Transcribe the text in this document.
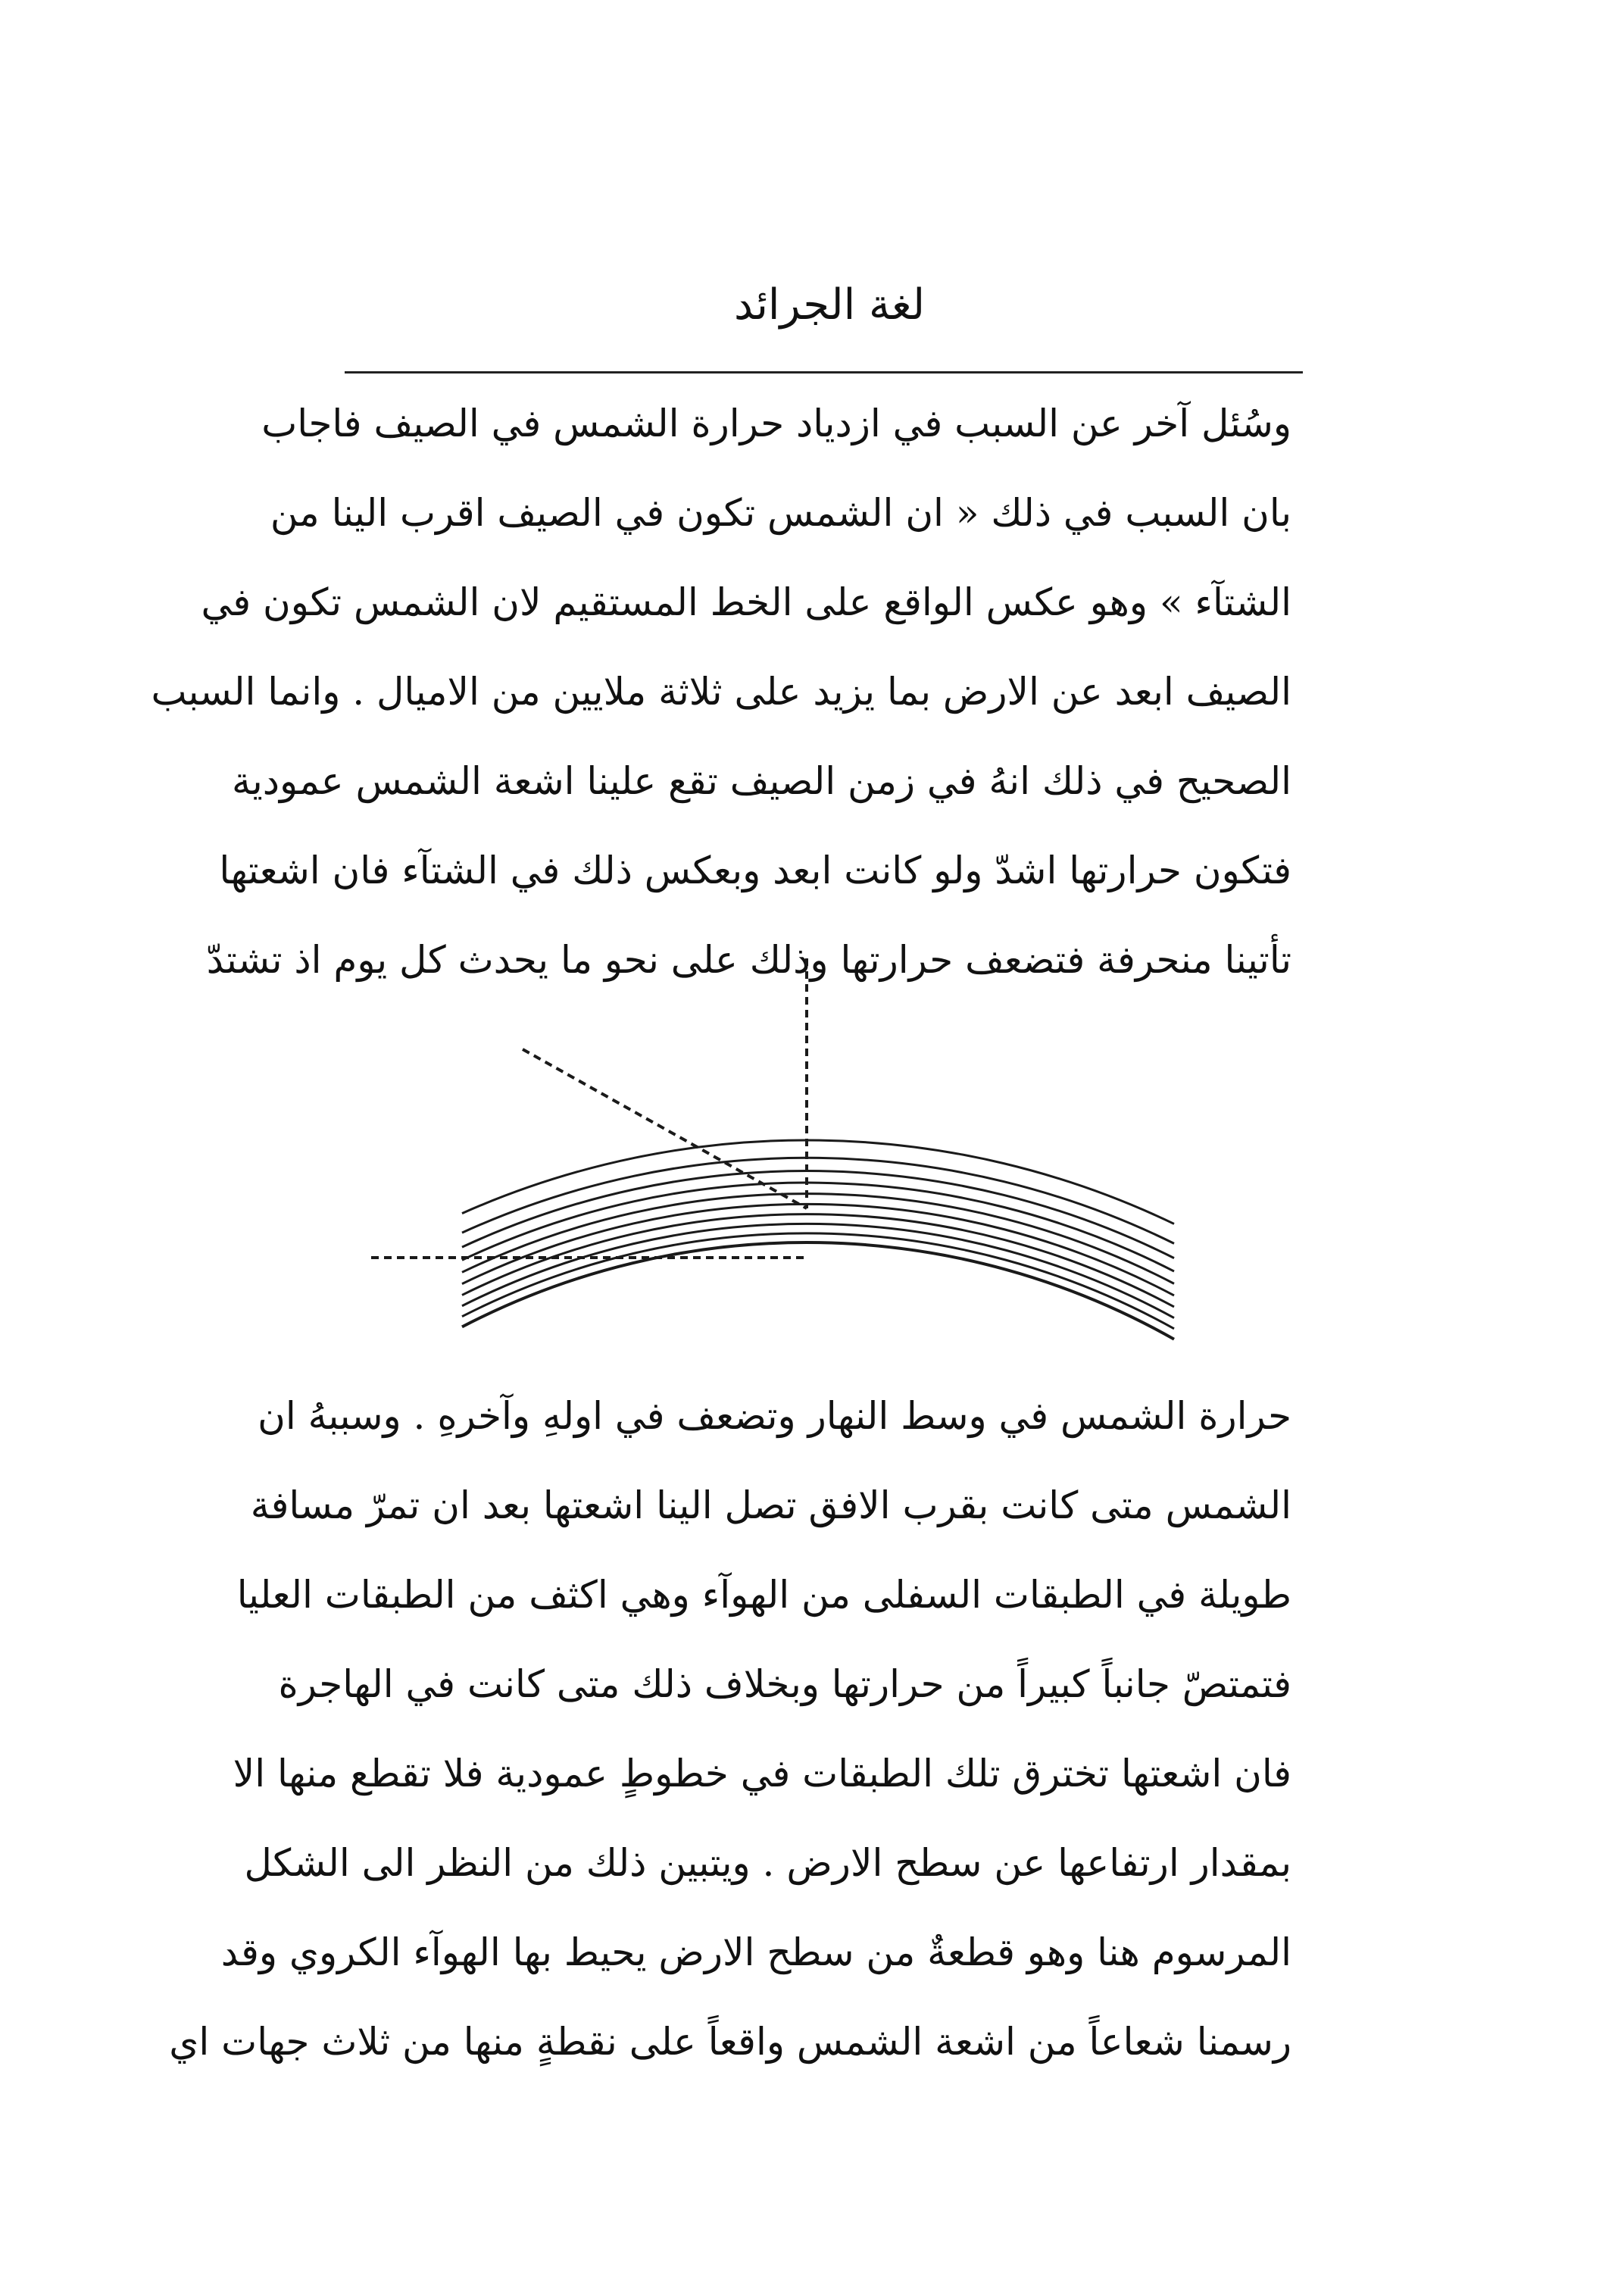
لغة الجرائد
وسُئل آخر عن السبب في ازدياد حرارة الشمس في الصيف فاجاب
بان السبب في ذلك « ان الشمس تكون في الصيف اقرب الينا من
الشتآء » وهو عكس الواقع على الخط المستقيم لان الشمس تكون في
الصيف ابعد عن الارض بما يزيد على ثلاثة ملايين من الاميال . وانما السبب
الصحيح في ذلك انهُ في زمن الصيف تقع علينا اشعة الشمس عمودية
فتكون حرارتها اشدّ ولو كانت ابعد وبعكس ذلك في الشتآء فان اشعتها
تأتينا منحرفة فتضعف حرارتها وذلك على نحو ما يحدث كل يوم اذ تشتدّ
حرارة الشمس في وسط النهار وتضعف في اولهِ وآخرهِ . وسببهُ ان
الشمس متى كانت بقرب الافق تصل الينا اشعتها بعد ان تمرّ مسافة
طويلة في الطبقات السفلى من الهوآء وهي اكثف من الطبقات العليا
فتمتصّ جانباً كبيراً من حرارتها وبخلاف ذلك متى كانت في الهاجرة
فان اشعتها تخترق تلك الطبقات في خطوطٍ عمودية فلا تقطع منها الا
بمقدار ارتفاعها عن سطح الارض . ويتبين ذلك من النظر الى الشكل
المرسوم هنا وهو قطعةٌ من سطح الارض يحيط بها الهوآء الكروي وقد
رسمنا شعاعاً من اشعة الشمس واقعاً على نقطةٍ منها من ثلاث جهات اي
